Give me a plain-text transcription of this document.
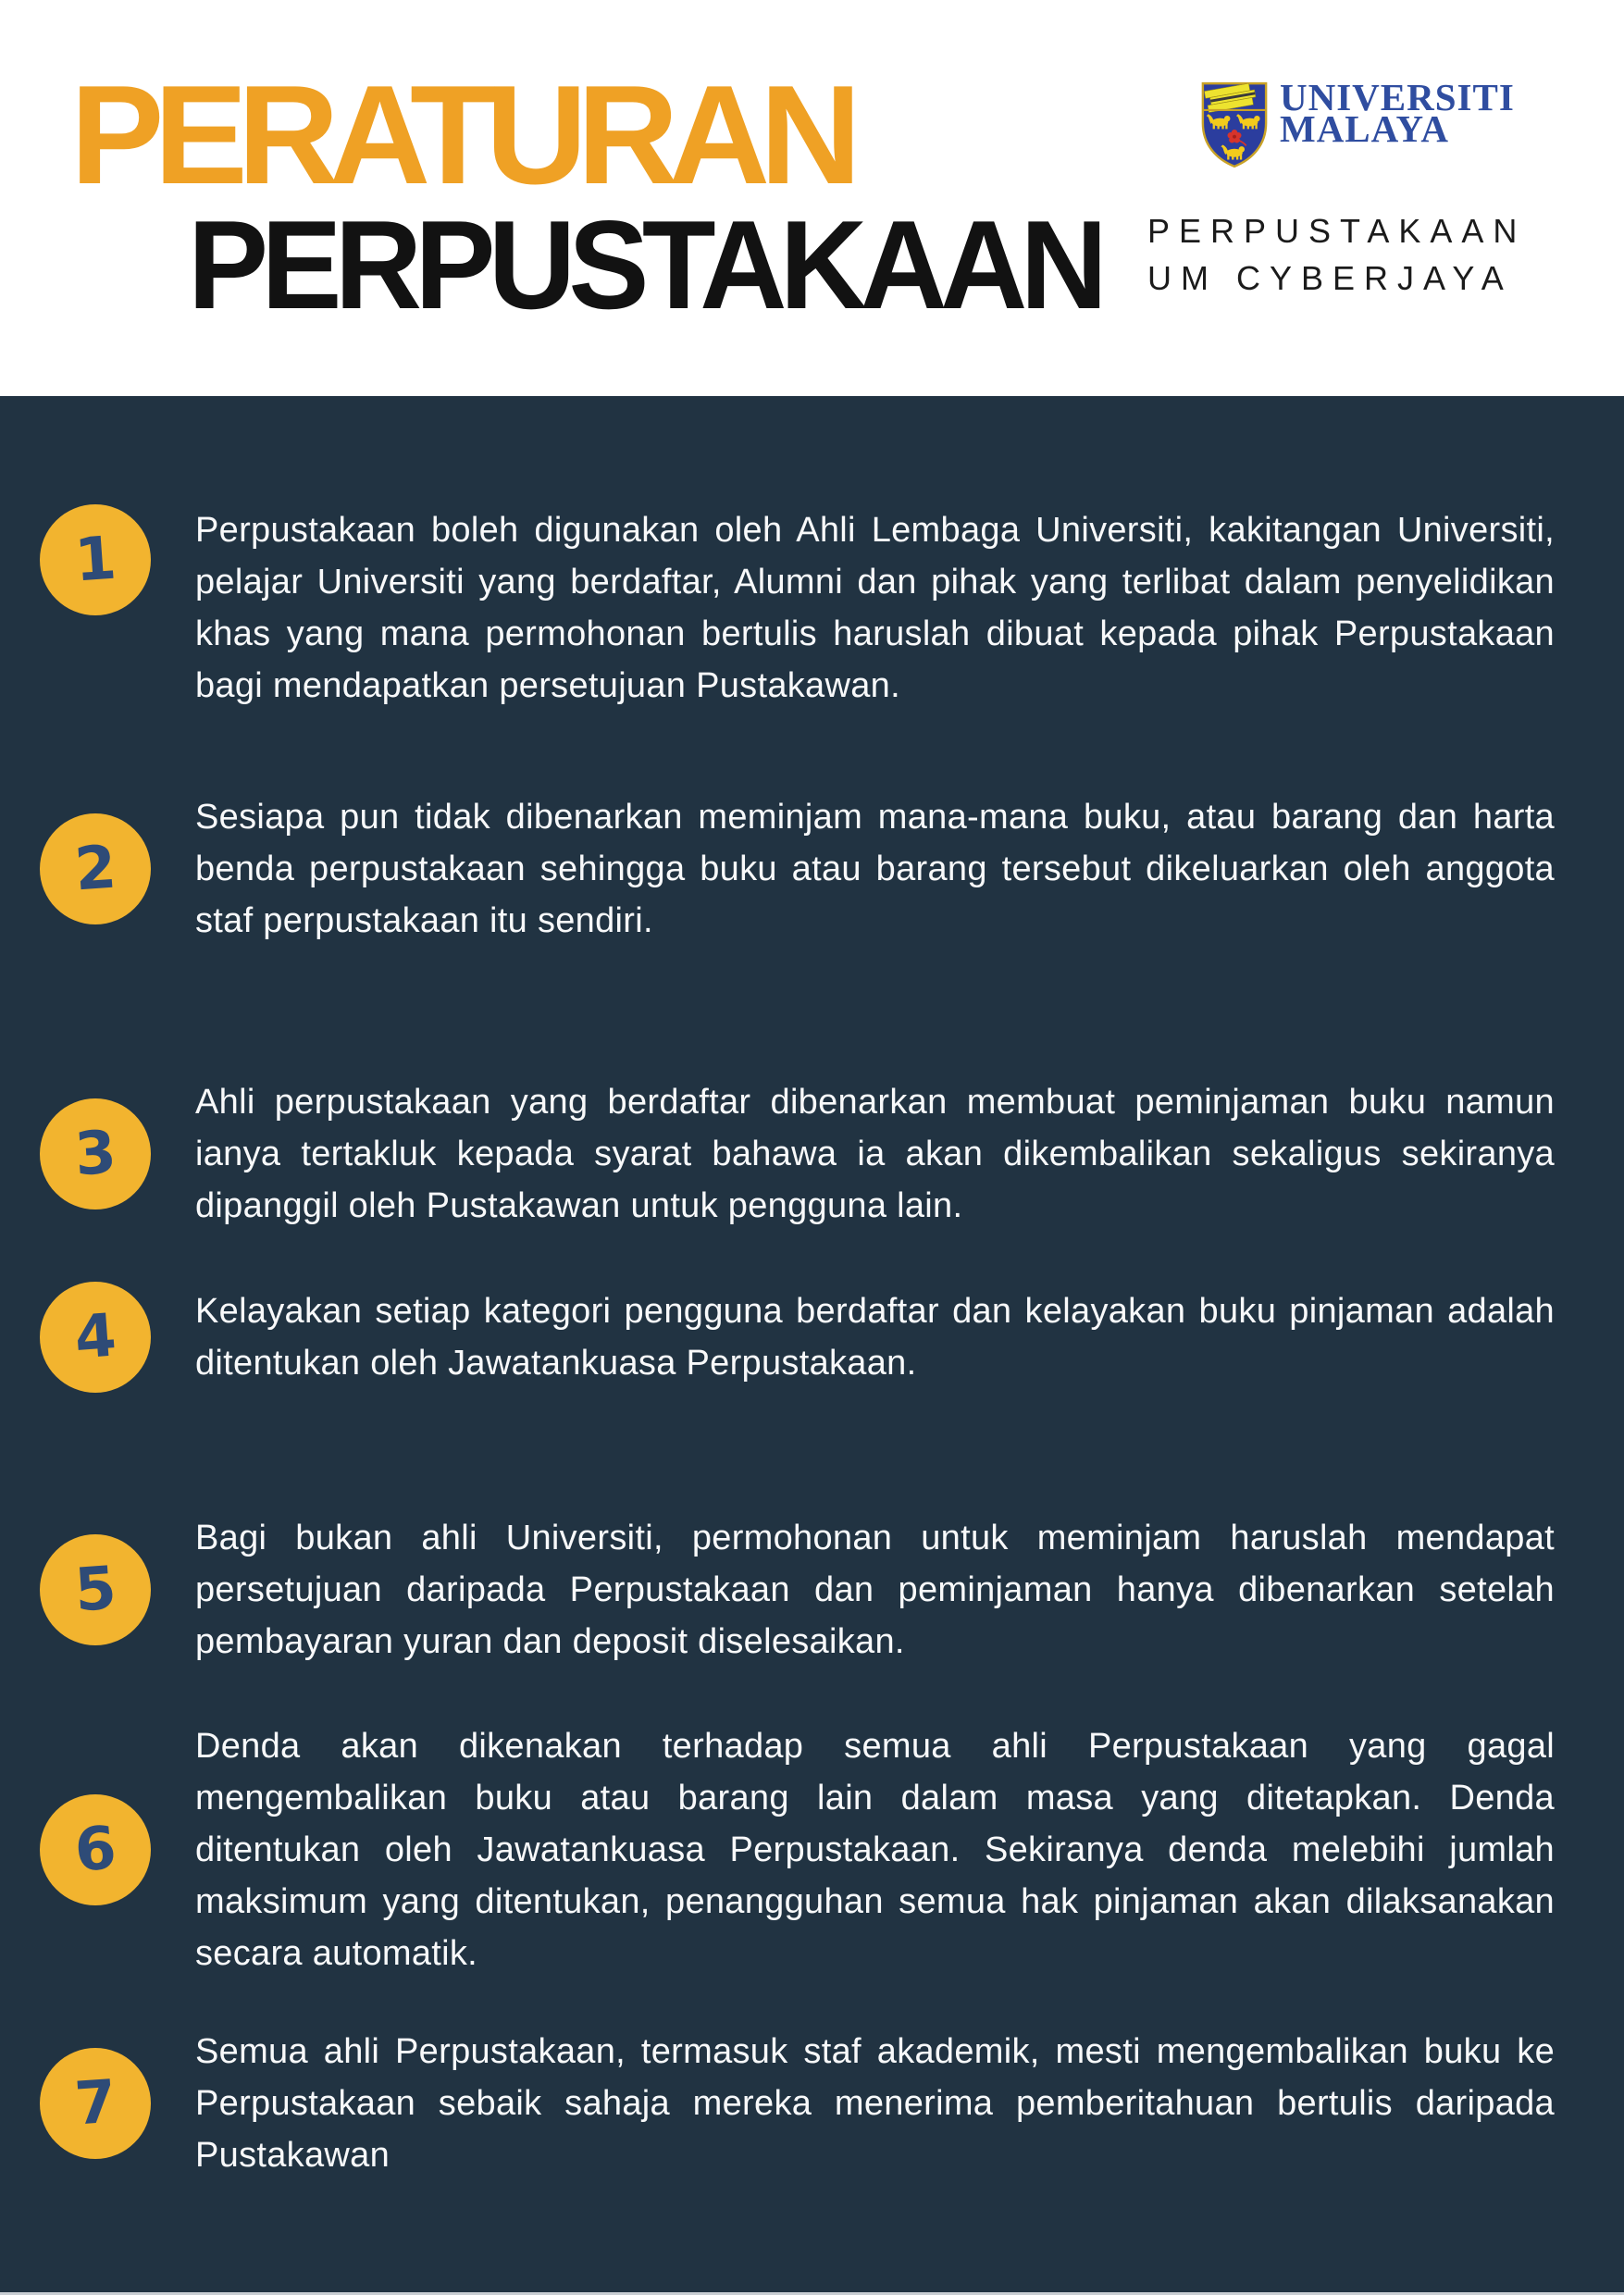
PERATURAN
PERPUSTAKAAN
UNIVERSITI
MALAYA
PERPUSTAKAAN
UM CYBERJAYA
1 Perpustakaan boleh digunakan oleh Ahli Lembaga Universiti, kakitangan Universiti, pelajar Universiti yang berdaftar, Alumni dan pihak yang terlibat dalam penyelidikan khas yang mana permohonan bertulis haruslah dibuat kepada pihak Perpustakaan bagi mendapatkan persetujuan Pustakawan.

2

Sesiapa pun tidak dibenarkan meminjam mana-mana buku, atau barang dan harta benda perpustakaan sehingga buku atau barang tersebut dikeluarkan oleh anggota staf perpustakaan itu sendiri.

3

Ahli perpustakaan yang berdaftar dibenarkan membuat peminjaman buku namun ianya tertakluk kepada syarat bahawa ia akan dikembalikan sekaligus sekiranya dipanggil oleh Pustakawan untuk pengguna lain.

4 Kelayakan setiap kategori pengguna berdaftar dan kelayakan buku pinjaman adalah ditentukan oleh Jawatankuasa Perpustakaan.

5

Bagi bukan ahli Universiti, permohonan untuk meminjam haruslah mendapat persetujuan daripada Perpustakaan dan peminjaman hanya dibenarkan setelah pembayaran yuran dan deposit diselesaikan.

6

Denda akan dikenakan terhadap semua ahli Perpustakaan yang gagal mengembalikan buku atau barang lain dalam masa yang ditetapkan. Denda ditentukan oleh Jawatankuasa Perpustakaan. Sekiranya denda melebihi jumlah maksimum yang ditentukan, penangguhan semua hak pinjaman akan dilaksanakan secara automatik.

7

Semua ahli Perpustakaan, termasuk staf akademik, mesti mengembalikan buku ke Perpustakaan sebaik sahaja mereka menerima pemberitahuan bertulis daripada Pustakawan
